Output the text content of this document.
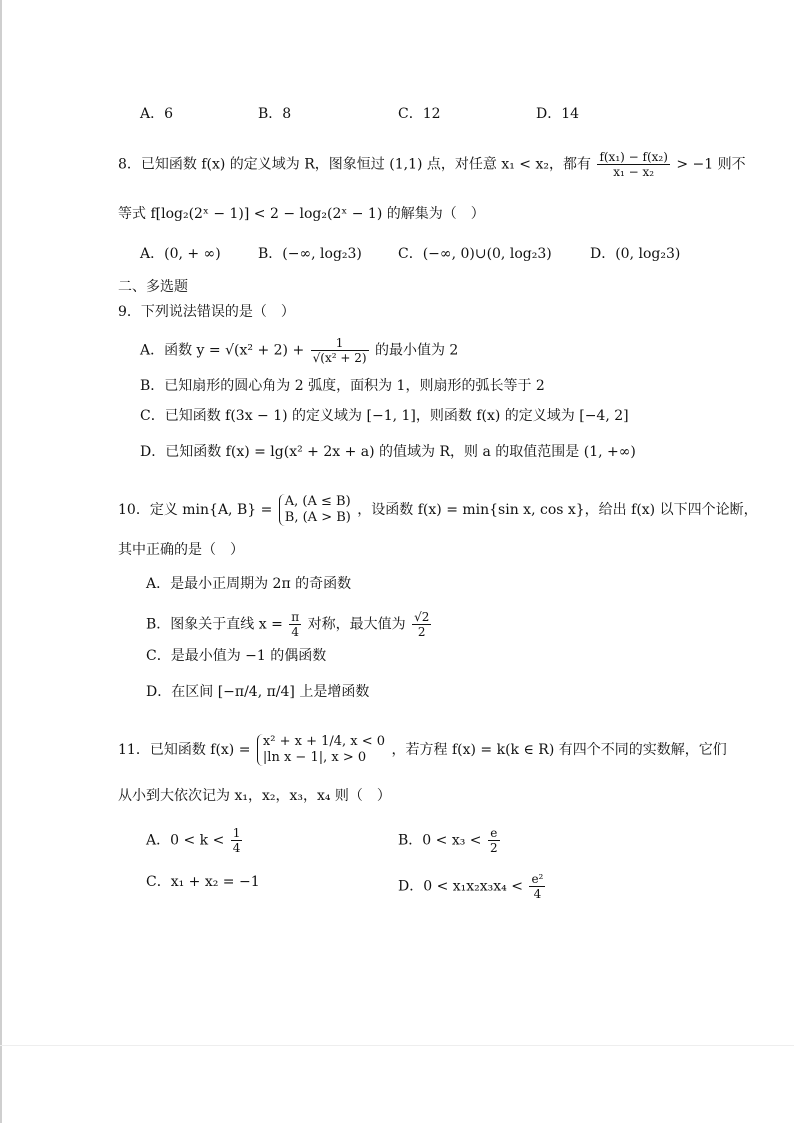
A．6	B．8	C．12	D．14
8．已知函数 f(x) 的定义域为 R，图象恒过 (1,1) 点，对任意 x₁ < x₂，都有 $\frac{\text{f(x₁) − f(x₂)}}{\text{x₁ − x₂}} > -1$ 则不
等式 f[log₂(2ˣ − 1)] < 2 − log₂(2ˣ − 1) 的解集为（　）
A．(0, + ∞)	B．(−∞, log₂3)	C．(−∞, 0)∪(0, log₂3)	D．(0, log₂3)
二、多选题
9．下列说法错误的是（　）
A．函数 $y = √(x^2 + 2) + \frac{1}{\text{√(x² + 2)}}$ 的最小值为 2
B．已知扇形的圆心角为 2 弧度，面积为 1，则扇形的弧长等于 2
C．已知函数 f(3x − 1) 的定义域为 [−1, 1]，则函数 f(x) 的定义域为 [−4, 2]
D．已知函数 f(x) = lg(x² + 2x + a) 的值域为 R，则 a 的取值范围是 (1, +∞)
10．定义 min{A, B} =
A, (A ≤ B)
B, (A > B) ，设函数 f(x) = min{sin x, cos x}，给出 f(x) 以下四个论断，
其中正确的是（　）
A．是最小正周期为 2π 的奇函数
B．图象关于直线 $x = \frac{\pi}{4}$ 对称，最大值为 $\frac{√2}{2}$
C．是最小值为 −1 的偶函数
D．在区间 [−π/4, π/4] 上是增函数
11．已知函数 f(x) =
x² + x + 1/4, x < 0
|ln x − 1|, x > 0	，若方程 f(x) = k(k ∈ R) 有四个不同的实数解，它们
从小到大依次记为 x₁，x₂，x₃，x₄ 则（　）
A．$0 < k < \frac{1}{4}$	B．$0 < x_3 < \frac{e}{2}$
C．x₁ + x₂ = −1	D．$0 < x_1x_2x_3x_4 < \frac{\text{e²}}{4}$
